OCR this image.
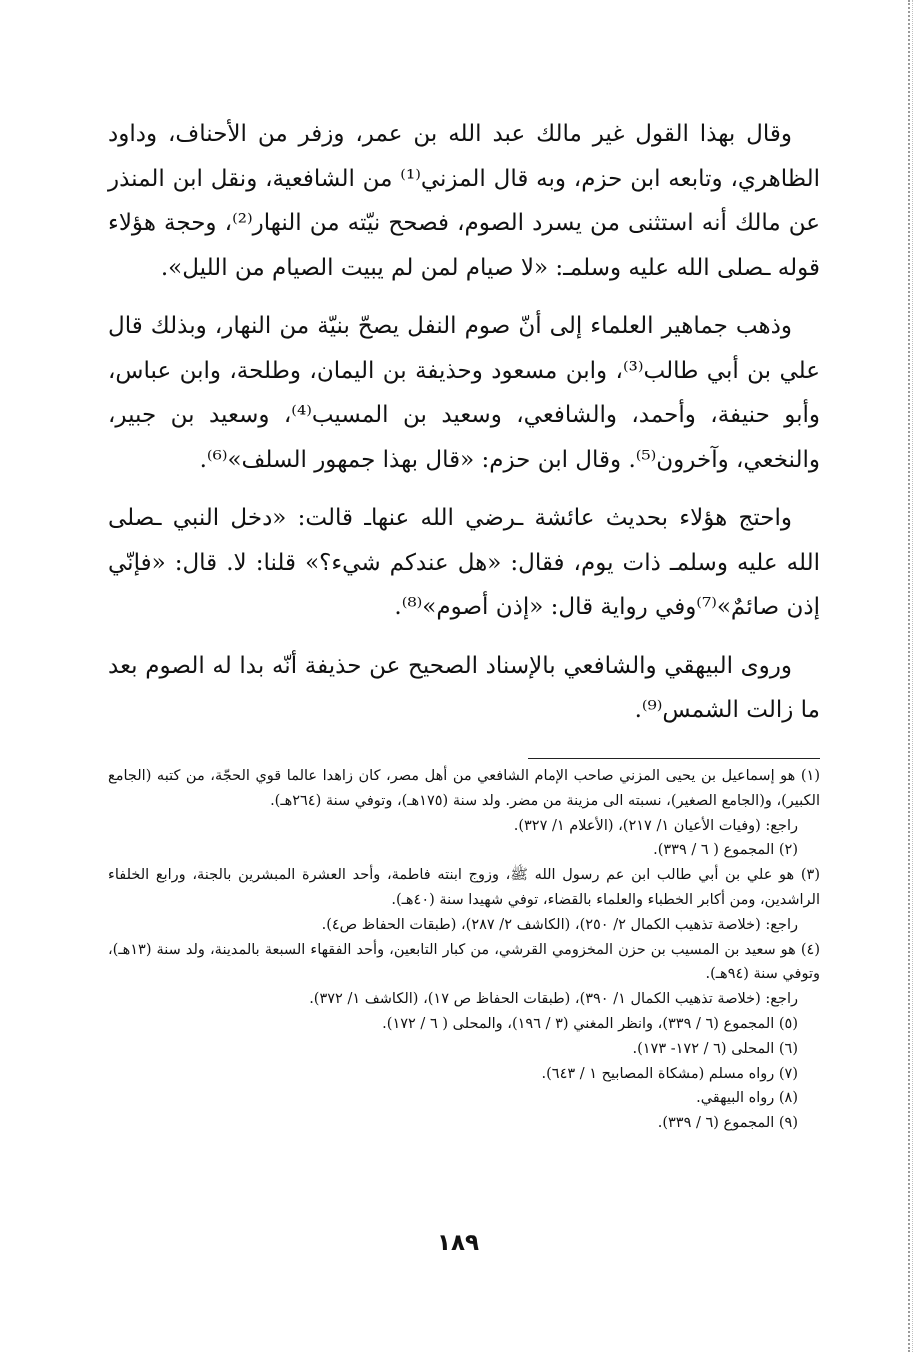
وقال بهذا القول غير مالك عبد الله بن عمر، وزفر من الأحناف، وداود الظاهري، وتابعه ابن حزم، وبه قال المزني⁽¹⁾ من الشافعية، ونقل ابن المنذر عن مالك أنه استثنى من يسرد الصوم، فصحح نيّته من النهار⁽²⁾، وحجة هؤلاء قوله ـصلى الله عليه وسلمـ: «لا صيام لمن لم يبيت الصيام من الليل».

وذهب جماهير العلماء إلى أنّ صوم النفل يصحّ بنيّة من النهار، وبذلك قال علي بن أبي طالب⁽³⁾، وابن مسعود وحذيفة بن اليمان، وطلحة، وابن عباس، وأبو حنيفة، وأحمد، والشافعي، وسعيد بن المسيب⁽⁴⁾، وسعيد بن جبير، والنخعي، وآخرون⁽⁵⁾. وقال ابن حزم: «قال بهذا جمهور السلف»⁽⁶⁾.

واحتج هؤلاء بحديث عائشة ـرضي الله عنهاـ قالت: «دخل النبي ـصلى الله عليه وسلمـ ذات يوم، فقال: «هل عندكم شيء؟» قلنا: لا. قال: «فإنّي إذن صائمٌ»⁽⁷⁾وفي رواية قال: «إذن أصوم»⁽⁸⁾.

وروى البيهقي والشافعي بالإسناد الصحيح عن حذيفة أنّه بدا له الصوم بعد ما زالت الشمس⁽⁹⁾.

(١) هو إسماعيل بن يحيى المزني صاحب الإمام الشافعي من أهل مصر، كان زاهدا عالما قوي الحجّة، من كتبه (الجامع الكبير)، و(الجامع الصغير)، نسبته الى مزينة من مضر. ولد سنة (١٧٥هـ)، وتوفي سنة (٢٦٤هـ).

راجع: (وفيات الأعيان ١/ ٢١٧)، (الأعلام ١/ ٣٢٧).

(٢) المجموع ( ٦ / ٣٣٩).

(٣) هو علي بن أبي طالب ابن عم رسول الله ﷺ، وزوج ابنته فاطمة، وأحد العشرة المبشرين بالجنة، ورابع الخلفاء الراشدين، ومن أكابر الخطباء والعلماء بالقضاء، توفي شهيدا سنة (٤٠هـ).

راجع: (خلاصة تذهيب الكمال ٢/ ٢٥٠)، (الكاشف ٢/ ٢٨٧)، (طبقات الحفاظ ص٤).

(٤) هو سعيد بن المسيب بن حزن المخزومي القرشي، من كبار التابعين، وأحد الفقهاء السبعة بالمدينة، ولد سنة (١٣هـ)، وتوفي سنة (٩٤هـ).

راجع: (خلاصة تذهيب الكمال ١/ ٣٩٠)، (طبقات الحفاظ ص ١٧)، (الكاشف ١/ ٣٧٢).

(٥) المجموع (٦ / ٣٣٩)، وانظر المغني (٣ / ١٩٦)، والمحلى ( ٦ / ١٧٢).

(٦) المحلى (٦ / ١٧٢- ١٧٣).

(٧) رواه مسلم (مشكاة المصابيح ١ / ٦٤٣).

(٨) رواه البيهقي.

(٩) المجموع (٦ / ٣٣٩).

١٨٩
